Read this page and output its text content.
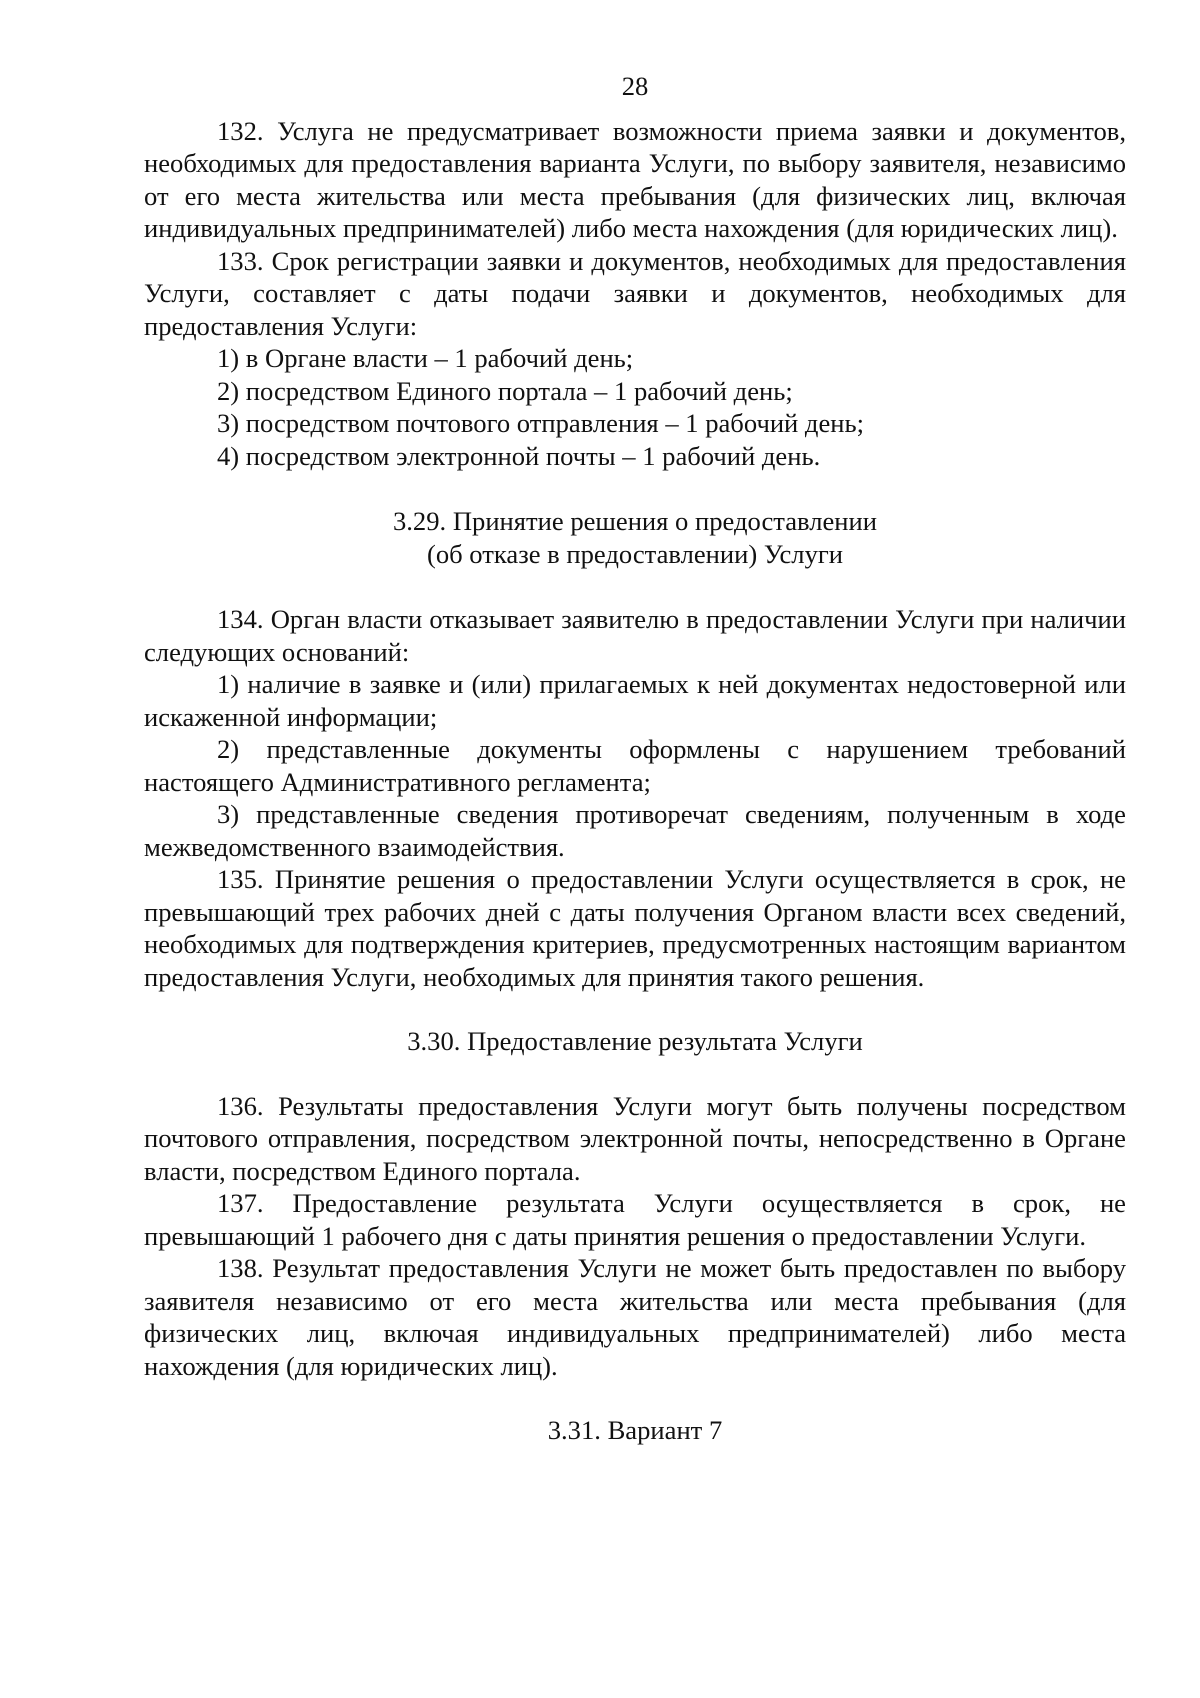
28

132. Услуга не предусматривает возможности приема заявки и документов, необходимых для предоставления варианта Услуги, по выбору заявителя, независимо от его места жительства или места пребывания (для физических лиц, включая индивидуальных предпринимателей) либо места нахождения (для юридических лиц).

133. Срок регистрации заявки и документов, необходимых для предоставления Услуги, составляет с даты подачи заявки и документов, необходимых для предоставления Услуги:

1) в Органе власти – 1 рабочий день;

2) посредством Единого портала – 1 рабочий день;

3) посредством почтового отправления – 1 рабочий день;

4) посредством электронной почты – 1 рабочий день.

3.29. Принятие решения о предоставлении

(об отказе в предоставлении) Услуги

134. Орган власти отказывает заявителю в предоставлении Услуги при наличии следующих оснований:

1) наличие в заявке и (или) прилагаемых к ней документах недостоверной или искаженной информации;

2) представленные документы оформлены с нарушением требований настоящего Административного регламента;

3) представленные сведения противоречат сведениям, полученным в ходе межведомственного взаимодействия.

135. Принятие решения о предоставлении Услуги осуществляется в срок, не превышающий трех рабочих дней с даты получения Органом власти всех сведений, необходимых для подтверждения критериев, предусмотренных настоящим вариантом предоставления Услуги, необходимых для принятия такого решения.

3.30. Предоставление результата Услуги

136. Результаты предоставления Услуги могут быть получены посредством почтового отправления, посредством электронной почты, непосредственно в Органе власти, посредством Единого портала.

137. Предоставление результата Услуги осуществляется в срок, не превышающий 1 рабочего дня с даты принятия решения о предоставлении Услуги.

138. Результат предоставления Услуги не может быть предоставлен по выбору заявителя независимо от его места жительства или места пребывания (для физических лиц, включая индивидуальных предпринимателей) либо места нахождения (для юридических лиц).

3.31. Вариант 7
